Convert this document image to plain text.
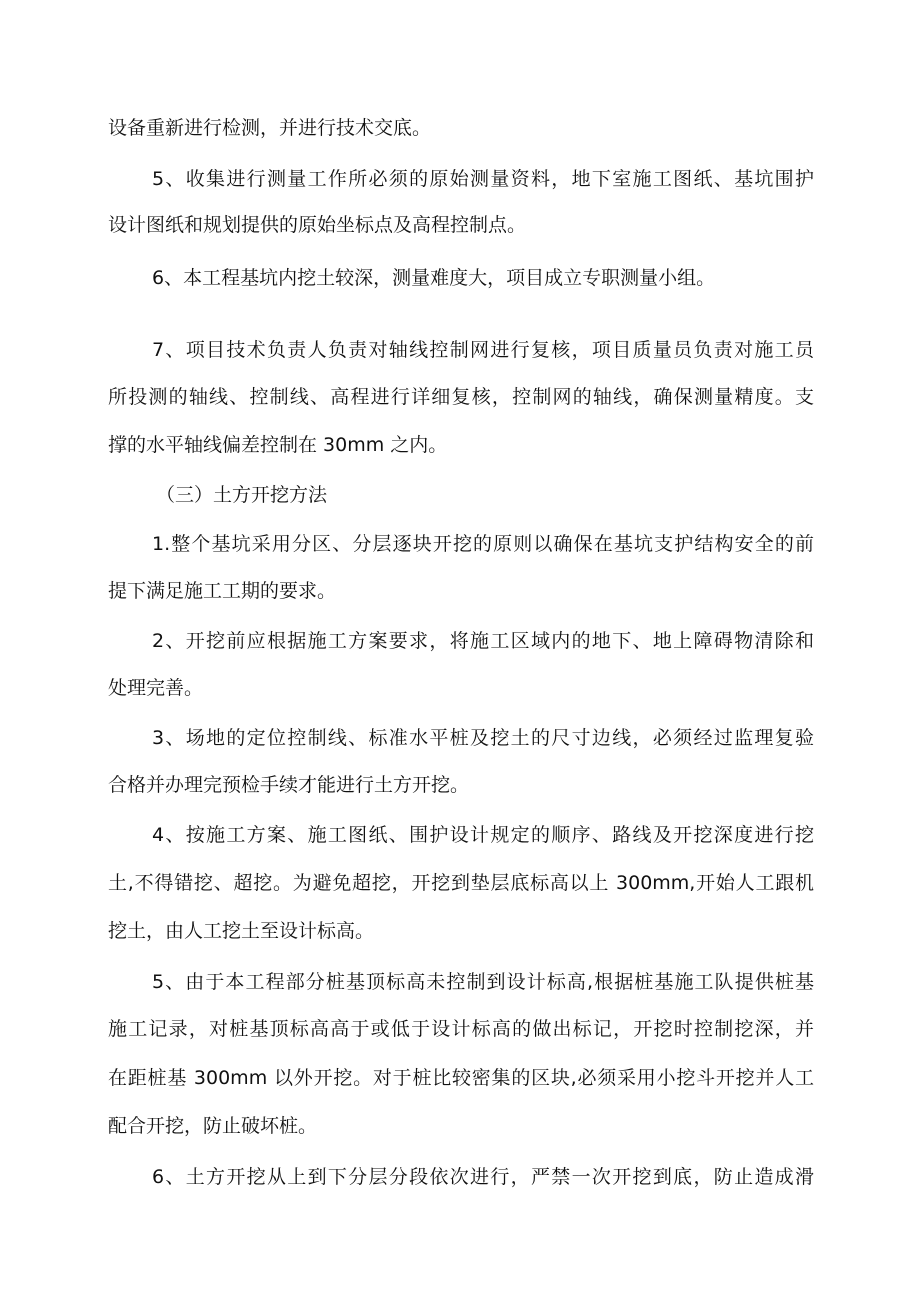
设备重新进行检测，并进行技术交底。
5、收集进行测量工作所必须的原始测量资料，地下室施工图纸、基坑围护
设计图纸和规划提供的原始坐标点及高程控制点。
6、本工程基坑内挖土较深，测量难度大，项目成立专职测量小组。
7、项目技术负责人负责对轴线控制网进行复核，项目质量员负责对施工员
所投测的轴线、控制线、高程进行详细复核，控制网的轴线，确保测量精度。支
撑的水平轴线偏差控制在 30mm 之内。
（三）土方开挖方法
1.整个基坑采用分区、分层逐块开挖的原则以确保在基坑支护结构安全的前
提下满足施工工期的要求。
2、开挖前应根据施工方案要求，将施工区域内的地下、地上障碍物清除和
处理完善。
3、场地的定位控制线、标准水平桩及挖土的尺寸边线，必须经过监理复验
合格并办理完预检手续才能进行土方开挖。
4、按施工方案、施工图纸、围护设计规定的顺序、路线及开挖深度进行挖
土,不得错挖、超挖。为避免超挖，开挖到垫层底标高以上 300mm,开始人工跟机
挖土，由人工挖土至设计标高。
5、由于本工程部分桩基顶标高未控制到设计标高,根据桩基施工队提供桩基
施工记录，对桩基顶标高高于或低于设计标高的做出标记，开挖时控制挖深，并
在距桩基 300mm 以外开挖。对于桩比较密集的区块,必须采用小挖斗开挖并人工
配合开挖，防止破坏桩。
6、土方开挖从上到下分层分段依次进行，严禁一次开挖到底，防止造成滑
